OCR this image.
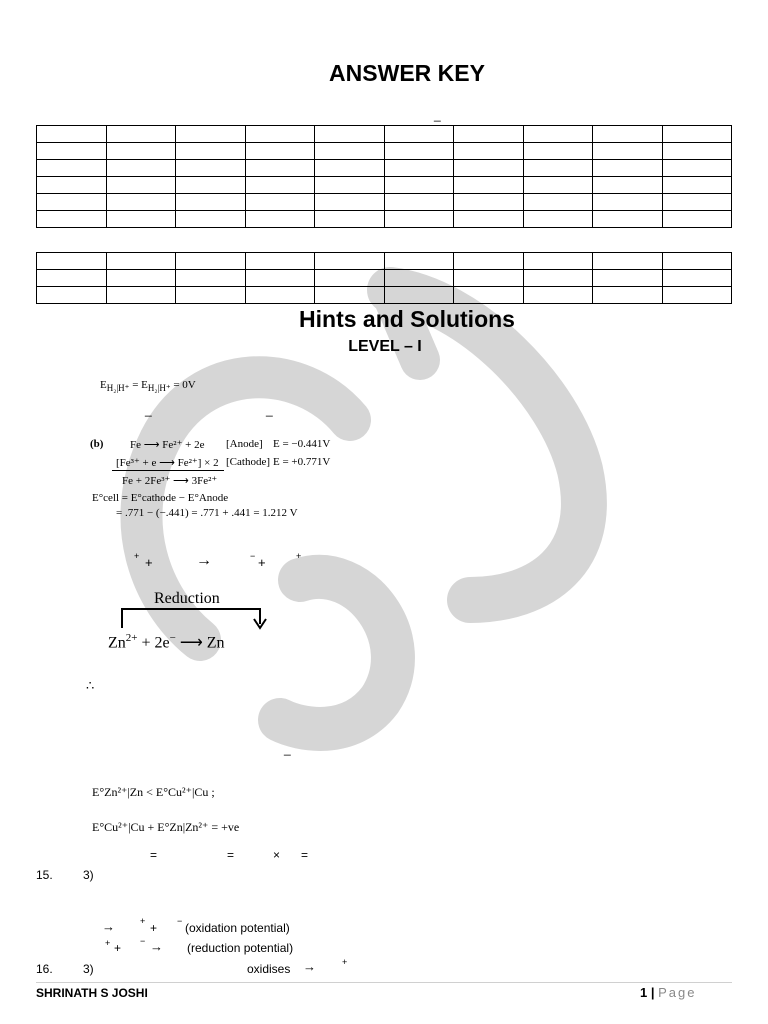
ANSWER KEY
_

Hints and Solutions
LEVEL – I
$E_{H_2|H^+} = E_{H_2|H^+} = 0V$
_	_
(b) Fe ⟶ Fe²⁺ + 2e [Anode] E = −0.441V
[Fe³⁺ + e ⟶ Fe²⁺] × 2 [Cathode] E = +0.771V
Fe + 2Fe³⁺ ⟶ 3Fe²⁺
E°cell = E°cathode − E°Anode
= .771 − (−.441) = .771 + .441 = 1.212 V
+ +	→	− +	+
Reduction
$Zn^{2+} + 2e^-$ ⟶ Zn
∴
_
E°Zn²⁺|Zn < E°Cu²⁺|Cu ;
E°Cu²⁺|Cu + E°Zn|Zn²⁺ = +ve
=	=	× =
15.	3)
→	+ + − (oxidation potential)
+ + − → (reduction potential)
16.	3)	oxidises →	+
SHRINATH S JOSHI	1 | Page
